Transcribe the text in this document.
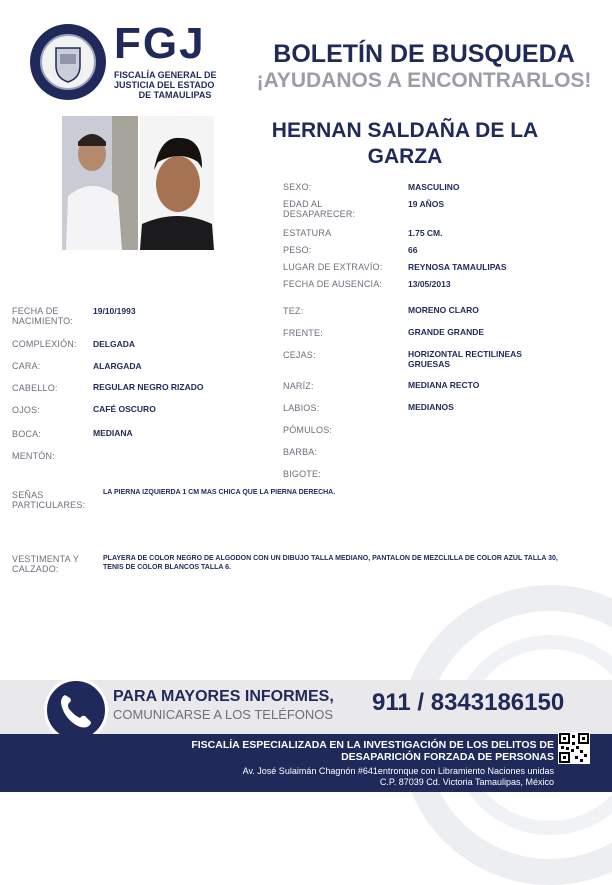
FGJ
FISCALÍA GENERAL DE
JUSTICIA DEL ESTADO
DE TAMAULIPAS
BOLETÍN DE BUSQUEDA
¡AYUDANOS A ENCONTRARLOS!
HERNAN SALDAÑA DE LA GARZA
SEXO:	MASCULINO
EDAD AL DESAPARECER:
19 AÑOS
ESTATURA	1.75 CM.
PESO:	66
LUGAR DE EXTRAVÍO:	REYNOSA TAMAULIPAS
FECHA DE AUSENCIA:	13/05/2013
FECHA DE NACIMIENTO:
19/10/1993
COMPLEXIÓN: DELGADA
CARA:	ALARGADA
CABELLO:	REGULAR NEGRO RIZADO
OJOS:	CAFÉ OSCURO
BOCA:	MEDIANA
MENTÓN:
TEZ:	MORENO CLARO
FRENTE:	GRANDE GRANDE
CEJAS:	HORIZONTAL RECTILINEAS GRUESAS
NARÍZ:	MEDIANA RECTO
LABIOS:	MEDIANOS
PÓMULOS:
BARBA:
BIGOTE:
SEÑAS PARTICULARES:
LA PIERNA IZQUIERDA 1 CM MAS CHICA QUE LA PIERNA DERECHA.
VESTIMENTA Y CALZADO:
PLAYERA DE COLOR NEGRO DE ALGODON CON UN DIBUJO TALLA MEDIANO, PANTALON DE MEZCLILLA DE COLOR AZUL TALLA 30, TENIS DE COLOR BLANCOS TALLA 6.
PARA MAYORES INFORMES,
COMUNICARSE A LOS TELÉFONOS 911 / 8343186150
FISCALÍA ESPECIALIZADA EN LA INVESTIGACIÓN DE LOS DELITOS DE
DESAPARICIÓN FORZADA DE PERSONAS
Av. José Sulaimán Chagnón #641entronque con Libramiento Naciones unidas
C.P. 87039 Cd. Victoria Tamaulipas, México
